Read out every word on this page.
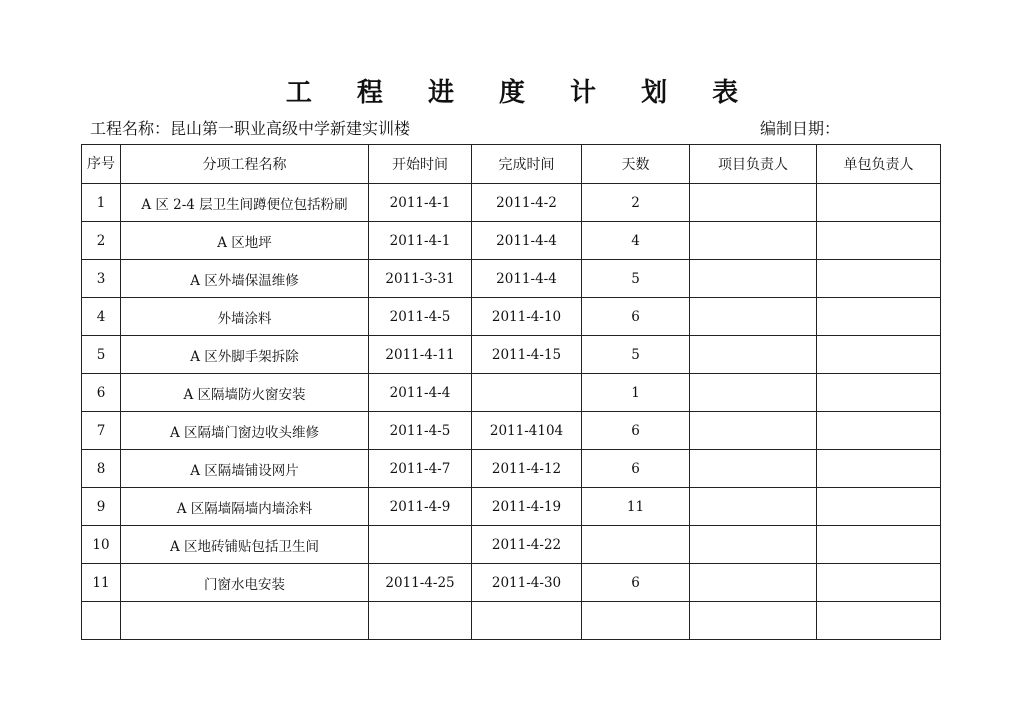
工 程 进 度 计 划 表
工程名称：昆山第一职业高级中学新建实训楼	编制日期：
序号	分项工程名称	开始时间	完成时间	天数	项目负责人	单包负责人
1	A 区 2-4 层卫生间蹲便位包括粉刷	2011-4-1	2011-4-2	2		
2	A 区地坪	2011-4-1	2011-4-4	4		
3	A 区外墙保温维修	2011-3-31	2011-4-4	5		
4	外墙涂料	2011-4-5	2011-4-10	6		
5	A 区外脚手架拆除	2011-4-11	2011-4-15	5		
6	A 区隔墙防火窗安装	2011-4-4		1		
7	A 区隔墙门窗边收头维修	2011-4-5	2011-4104	6		
8	A 区隔墙铺设网片	2011-4-7	2011-4-12	6		
9	A 区隔墙隔墙内墙涂料	2011-4-9	2011-4-19	11		
10	A 区地砖铺贴包括卫生间		2011-4-22			
11	门窗水电安装	2011-4-25	2011-4-30	6		
